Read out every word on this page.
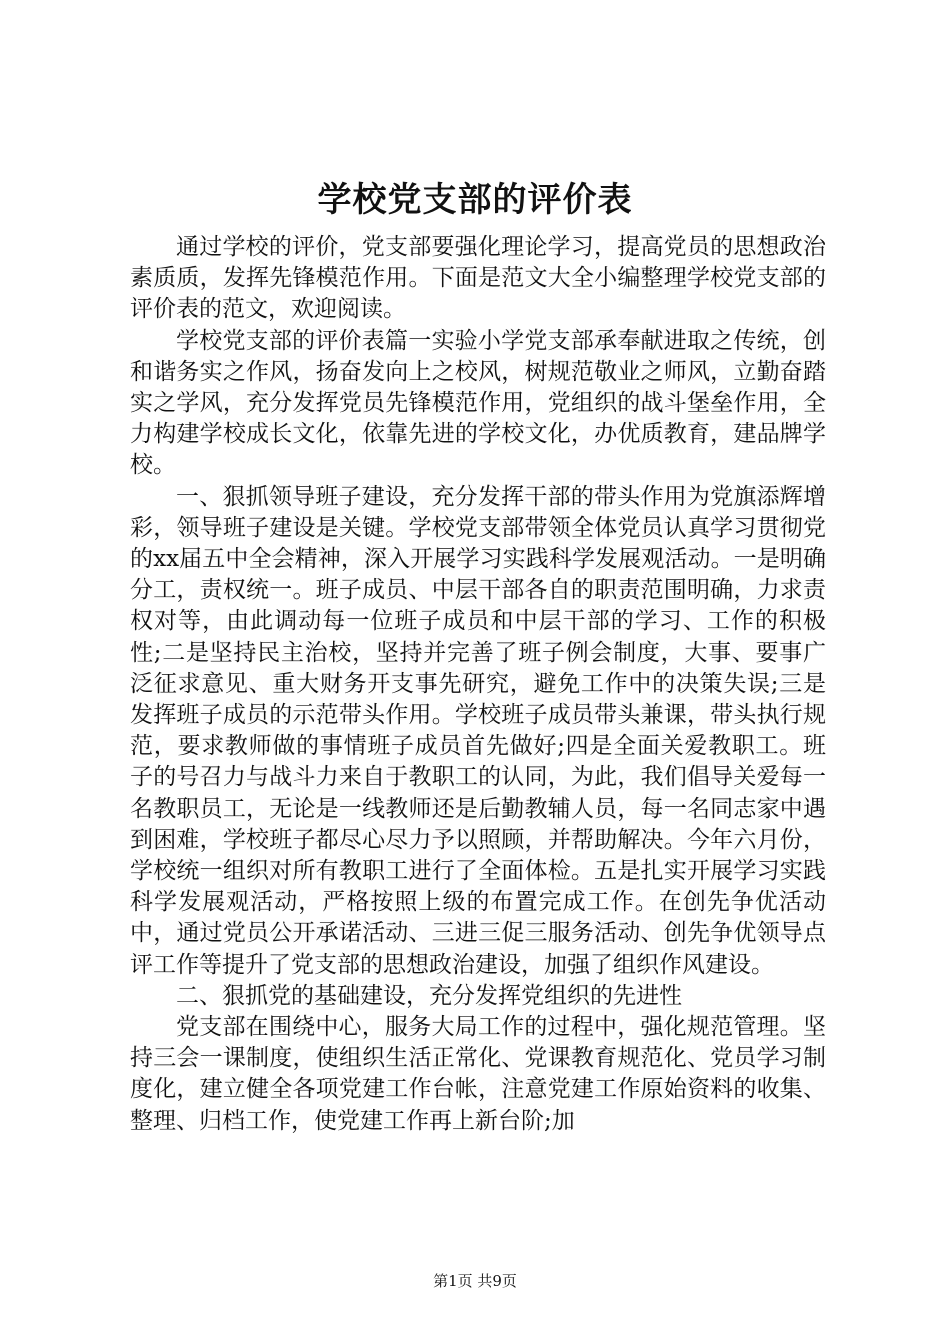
学校党支部的评价表

通过学校的评价，党支部要强化理论学习，提高党员的思想政治素质质，发挥先锋模范作用。下面是范文大全小编整理学校党支部的评价表的范文，欢迎阅读。

学校党支部的评价表篇一实验小学党支部承奉献进取之传统，创和谐务实之作风，扬奋发向上之校风，树规范敬业之师风，立勤奋踏实之学风，充分发挥党员先锋模范作用，党组织的战斗堡垒作用，全力构建学校成长文化，依靠先进的学校文化，办优质教育，建品牌学校。

一、狠抓领导班子建设，充分发挥干部的带头作用为党旗添辉增彩，领导班子建设是关键。学校党支部带领全体党员认真学习贯彻党的xx届五中全会精神，深入开展学习实践科学发展观活动。一是明确分工，责权统一。班子成员、中层干部各自的职责范围明确，力求责权对等，由此调动每一位班子成员和中层干部的学习、工作的积极性;二是坚持民主治校，坚持并完善了班子例会制度，大事、要事广泛征求意见、重大财务开支事先研究，避免工作中的决策失误;三是发挥班子成员的示范带头作用。学校班子成员带头兼课，带头执行规范，要求教师做的事情班子成员首先做好;四是全面关爱教职工。班子的号召力与战斗力来自于教职工的认同，为此，我们倡导关爱每一名教职员工，无论是一线教师还是后勤教辅人员，每一名同志家中遇到困难，学校班子都尽心尽力予以照顾，并帮助解决。今年六月份，学校统一组织对所有教职工进行了全面体检。五是扎实开展学习实践科学发展观活动，严格按照上级的布置完成工作。在创先争优活动中，通过党员公开承诺活动、三进三促三服务活动、创先争优领导点评工作等提升了党支部的思想政治建设，加强了组织作风建设。

二、狠抓党的基础建设，充分发挥党组织的先进性

党支部在围绕中心，服务大局工作的过程中，强化规范管理。坚持三会一课制度，使组织生活正常化、党课教育规范化、党员学习制度化，建立健全各项党建工作台帐，注意党建工作原始资料的收集、整理、归档工作，使党建工作再上新台阶;加

第1页 共9页
